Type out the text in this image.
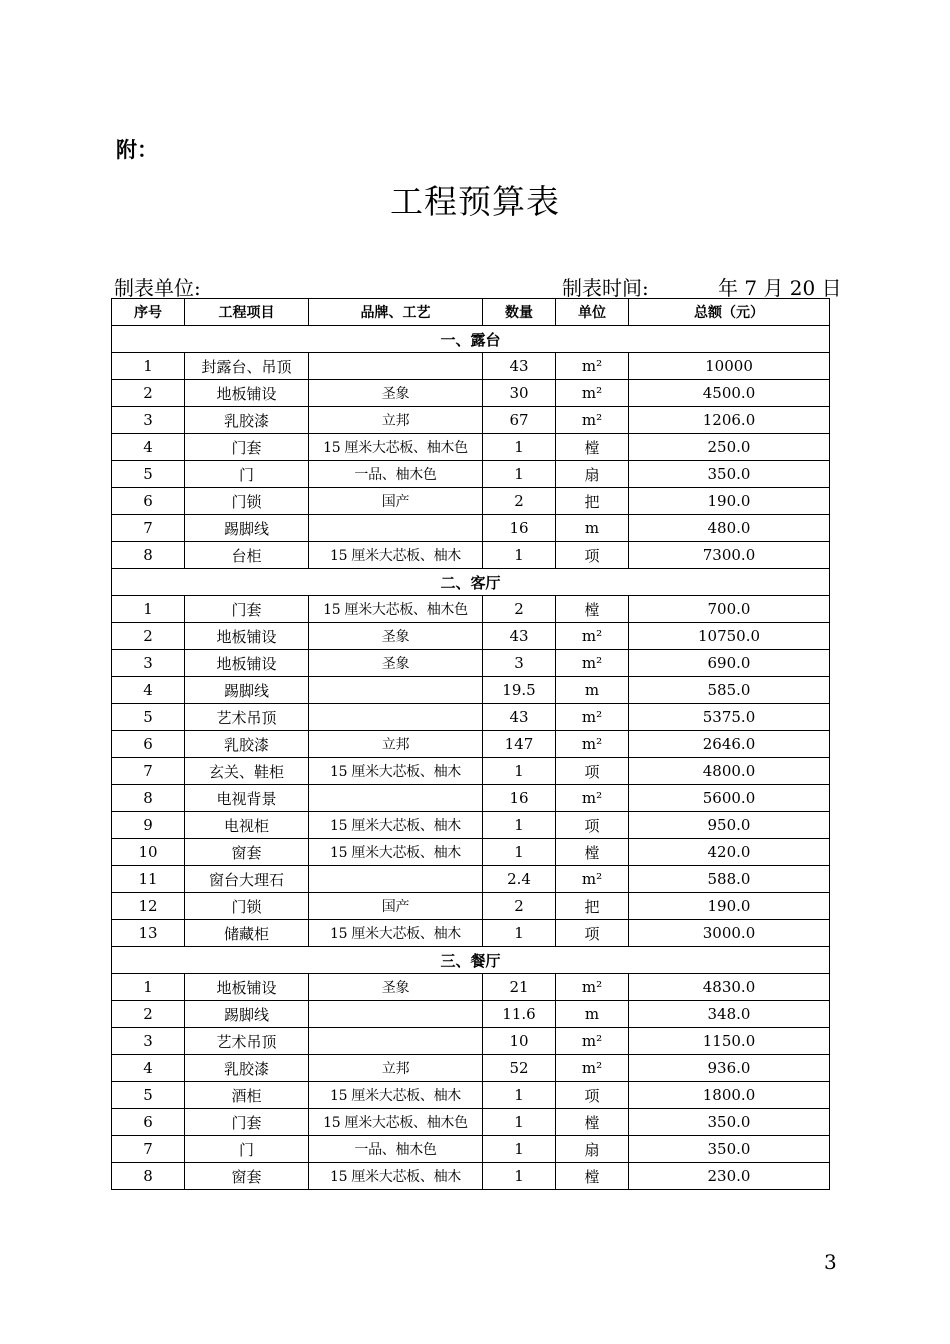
附：
工程预算表
制表单位:	制表时间:	年 7 月 20 日
序号	工程项目	品牌、工艺	数量	单位	总额（元）
一、露台					
1	封露台、吊顶		43	m²	10000
2	地板铺设	圣象	30	m²	4500.0
3	乳胶漆	立邦	67	m²	1206.0
4	门套	15 厘米大芯板、柚木色	1	樘	250.0
5	门	一品、柚木色	1	扇	350.0
6	门锁	国产	2	把	190.0
7	踢脚线		16	m	480.0
8	台柜	15 厘米大芯板、柚木	1	项	7300.0
二、客厅					
1	门套	15 厘米大芯板、柚木色	2	樘	700.0
2	地板铺设	圣象	43	m²	10750.0
3	地板铺设	圣象	3	m²	690.0
4	踢脚线		19.5	m	585.0
5	艺术吊顶		43	m²	5375.0
6	乳胶漆	立邦	147	m²	2646.0
7	玄关、鞋柜	15 厘米大芯板、柚木	1	项	4800.0
8	电视背景		16	m²	5600.0
9	电视柜	15 厘米大芯板、柚木	1	项	950.0
10	窗套	15 厘米大芯板、柚木	1	樘	420.0
11	窗台大理石		2.4	m²	588.0
12	门锁	国产	2	把	190.0
13	储藏柜	15 厘米大芯板、柚木	1	项	3000.0
三、餐厅					
1	地板铺设	圣象	21	m²	4830.0
2	踢脚线		11.6	m	348.0
3	艺术吊顶		10	m²	1150.0
4	乳胶漆	立邦	52	m²	936.0
5	酒柜	15 厘米大芯板、柚木	1	项	1800.0
6	门套	15 厘米大芯板、柚木色	1	樘	350.0
7	门	一品、柚木色	1	扇	350.0
8	窗套	15 厘米大芯板、柚木	1	樘	230.0
3
